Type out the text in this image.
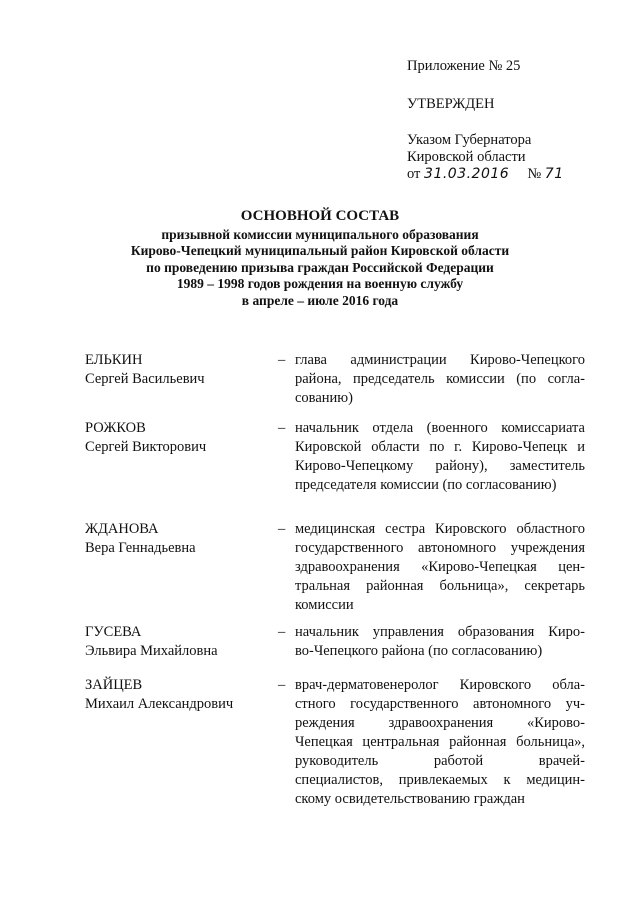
Приложение № 25
УТВЕРЖДЕН
Указом Губернатора
Кировской области
от 31.03.2016 № 71
ОСНОВНОЙ СОСТАВ
призывной комиссии муниципального образования
Кирово-Чепецкий муниципальный район Кировской области
по проведению призыва граждан Российской Федерации
1989 – 1998 годов рождения на военную службу
в апреле – июле 2016 года
ЕЛЬКИН
Сергей Васильевич
– глава администрации Кирово-Чепецкого
района, председатель комиссии (по согла-
сованию)
РОЖКОВ
Сергей Викторович
– начальник отдела (военного комиссариата
Кировской области по г. Кирово-Чепецк и
Кирово-Чепецкому району), заместитель
председателя комиссии (по согласованию)
ЖДАНОВА
Вера Геннадьевна
– медицинская сестра Кировского областного
государственного автономного учреждения
здравоохранения «Кирово-Чепецкая цен-
тральная районная больница», секретарь
комиссии
ГУСЕВА
Эльвира Михайловна
– начальник управления образования Киро-
во-Чепецкого района (по согласованию)
ЗАЙЦЕВ
Михаил Александрович
– врач-дерматовенеролог Кировского обла-
стного государственного автономного уч-
реждения здравоохранения «Кирово-
Чепецкая центральная районная больница»,
руководитель работой врачей-
специалистов, привлекаемых к медицин-
скому освидетельствованию граждан
